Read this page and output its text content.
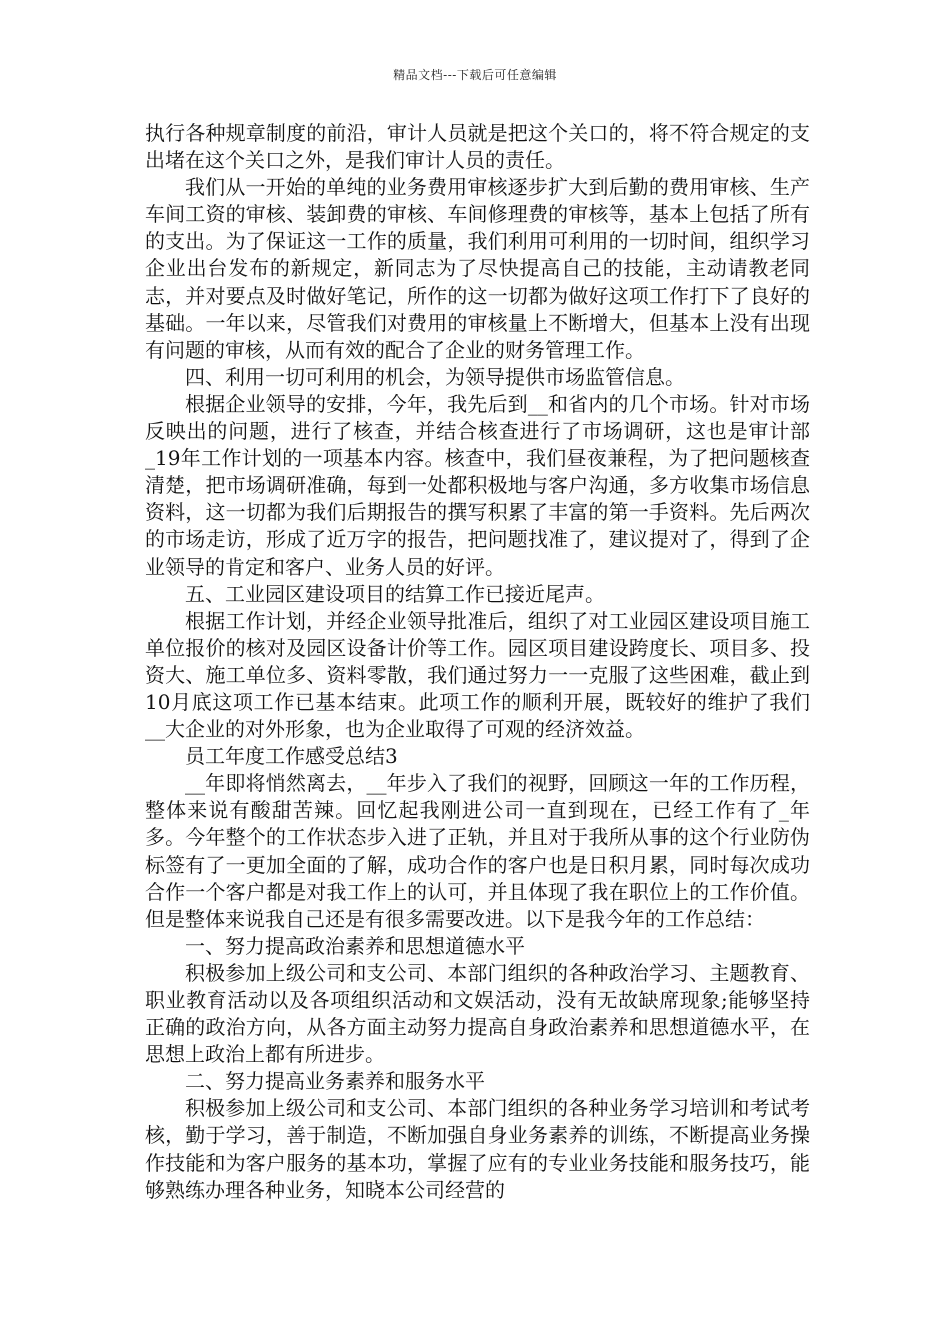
精品文档---下载后可任意编辑

执行各种规章制度的前沿，审计人员就是把这个关口的，将不符合规定的支出堵在这个关口之外，是我们审计人员的责任。

我们从一开始的单纯的业务费用审核逐步扩大到后勤的费用审核、生产车间工资的审核、装卸费的审核、车间修理费的审核等，基本上包括了所有的支出。为了保证这一工作的质量，我们利用可利用的一切时间，组织学习企业出台发布的新规定，新同志为了尽快提高自己的技能，主动请教老同志，并对要点及时做好笔记，所作的这一切都为做好这项工作打下了良好的基础。一年以来，尽管我们对费用的审核量上不断增大，但基本上没有出现有问题的审核，从而有效的配合了企业的财务管理工作。

四、利用一切可利用的机会，为领导提供市场监管信息。

根据企业领导的安排，今年，我先后到__和省内的几个市场。针对市场反映出的问题，进行了核查，并结合核查进行了市场调研，这也是审计部_19年工作计划的一项基本内容。核查中，我们昼夜兼程，为了把问题核查清楚，把市场调研准确，每到一处都积极地与客户沟通，多方收集市场信息资料，这一切都为我们后期报告的撰写积累了丰富的第一手资料。先后两次的市场走访，形成了近万字的报告，把问题找准了，建议提对了，得到了企业领导的肯定和客户、业务人员的好评。

五、工业园区建设项目的结算工作已接近尾声。

根据工作计划，并经企业领导批准后，组织了对工业园区建设项目施工单位报价的核对及园区设备计价等工作。园区项目建设跨度长、项目多、投资大、施工单位多、资料零散，我们通过努力一一克服了这些困难，截止到10月底这项工作已基本结束。此项工作的顺利开展，既较好的维护了我们__大企业的对外形象，也为企业取得了可观的经济效益。

员工年度工作感受总结3

__年即将悄然离去，__年步入了我们的视野，回顾这一年的工作历程，整体来说有酸甜苦辣。回忆起我刚进公司一直到现在，已经工作有了_年多。今年整个的工作状态步入进了正轨，并且对于我所从事的这个行业防伪标签有了一更加全面的了解，成功合作的客户也是日积月累，同时每次成功合作一个客户都是对我工作上的认可，并且体现了我在职位上的工作价值。但是整体来说我自己还是有很多需要改进。以下是我今年的工作总结：

一、努力提高政治素养和思想道德水平

积极参加上级公司和支公司、本部门组织的各种政治学习、主题教育、职业教育活动以及各项组织活动和文娱活动，没有无故缺席现象;能够坚持正确的政治方向，从各方面主动努力提高自身政治素养和思想道德水平，在思想上政治上都有所进步。

二、努力提高业务素养和服务水平

积极参加上级公司和支公司、本部门组织的各种业务学习培训和考试考核，勤于学习，善于制造，不断加强自身业务素养的训练，不断提高业务操作技能和为客户服务的基本功，掌握了应有的专业业务技能和服务技巧，能够熟练办理各种业务，知晓本公司经营的
